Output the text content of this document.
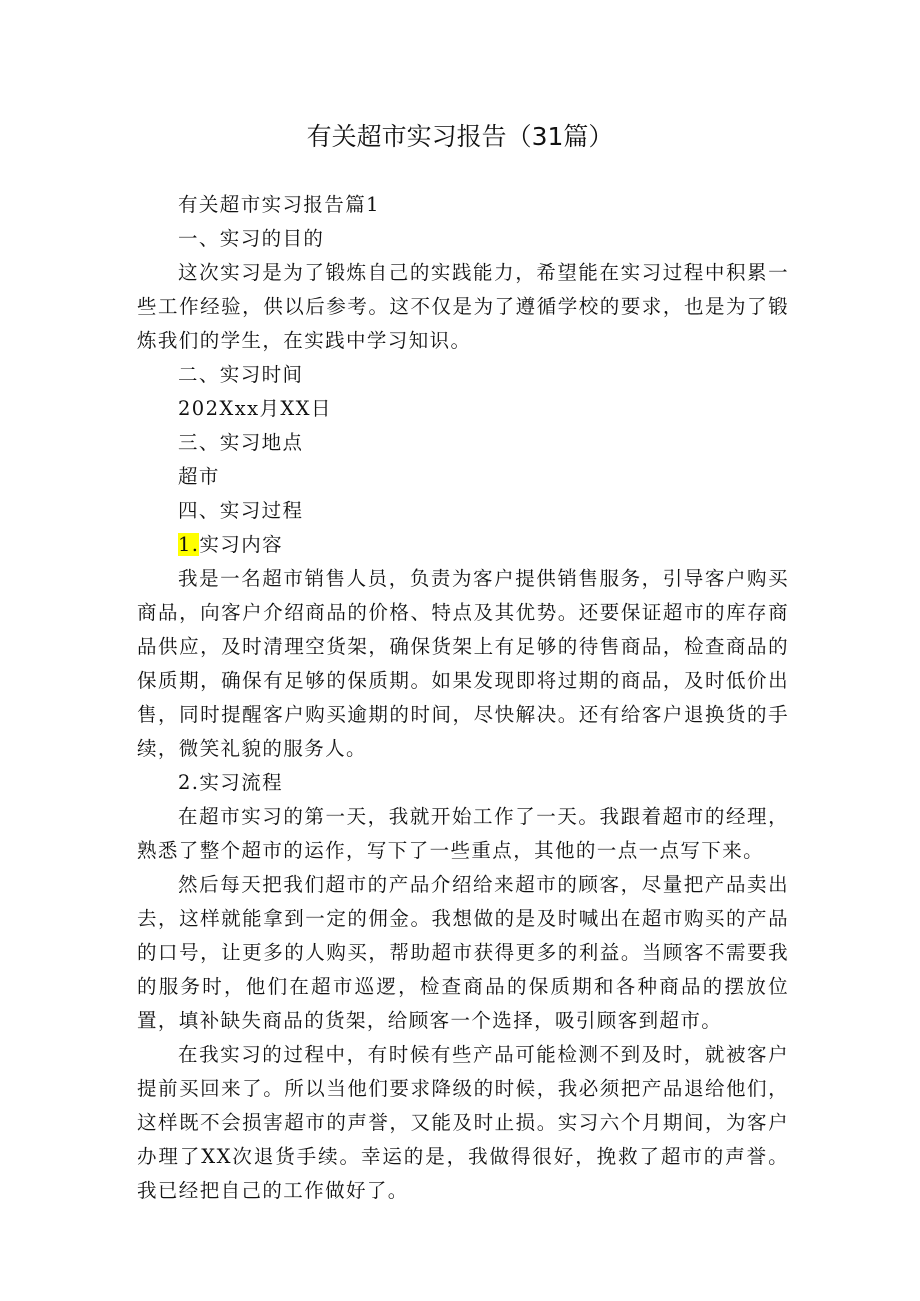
有关超市实习报告（31篇）

有关超市实习报告篇1

一、实习的目的

这次实习是为了锻炼自己的实践能力，希望能在实习过程中积累一些工作经验，供以后参考。这不仅是为了遵循学校的要求，也是为了锻炼我们的学生，在实践中学习知识。

二、实习时间

202Xxx月XX日

三、实习地点

超市

四、实习过程

1.实习内容

我是一名超市销售人员，负责为客户提供销售服务，引导客户购买商品，向客户介绍商品的价格、特点及其优势。还要保证超市的库存商品供应，及时清理空货架，确保货架上有足够的待售商品，检查商品的保质期，确保有足够的保质期。如果发现即将过期的商品，及时低价出售，同时提醒客户购买逾期的时间，尽快解决。还有给客户退换货的手续，微笑礼貌的服务人。

2.实习流程

在超市实习的第一天，我就开始工作了一天。我跟着超市的经理，熟悉了整个超市的运作，写下了一些重点，其他的一点一点写下来。

然后每天把我们超市的产品介绍给来超市的顾客，尽量把产品卖出去，这样就能拿到一定的佣金。我想做的是及时喊出在超市购买的产品的口号，让更多的人购买，帮助超市获得更多的利益。当顾客不需要我的服务时，他们在超市巡逻，检查商品的保质期和各种商品的摆放位置，填补缺失商品的货架，给顾客一个选择，吸引顾客到超市。

在我实习的过程中，有时候有些产品可能检测不到及时，就被客户提前买回来了。所以当他们要求降级的时候，我必须把产品退给他们，这样既不会损害超市的声誉，又能及时止损。实习六个月期间，为客户办理了XX次退货手续。幸运的是，我做得很好，挽救了超市的声誉。我已经把自己的工作做好了。
